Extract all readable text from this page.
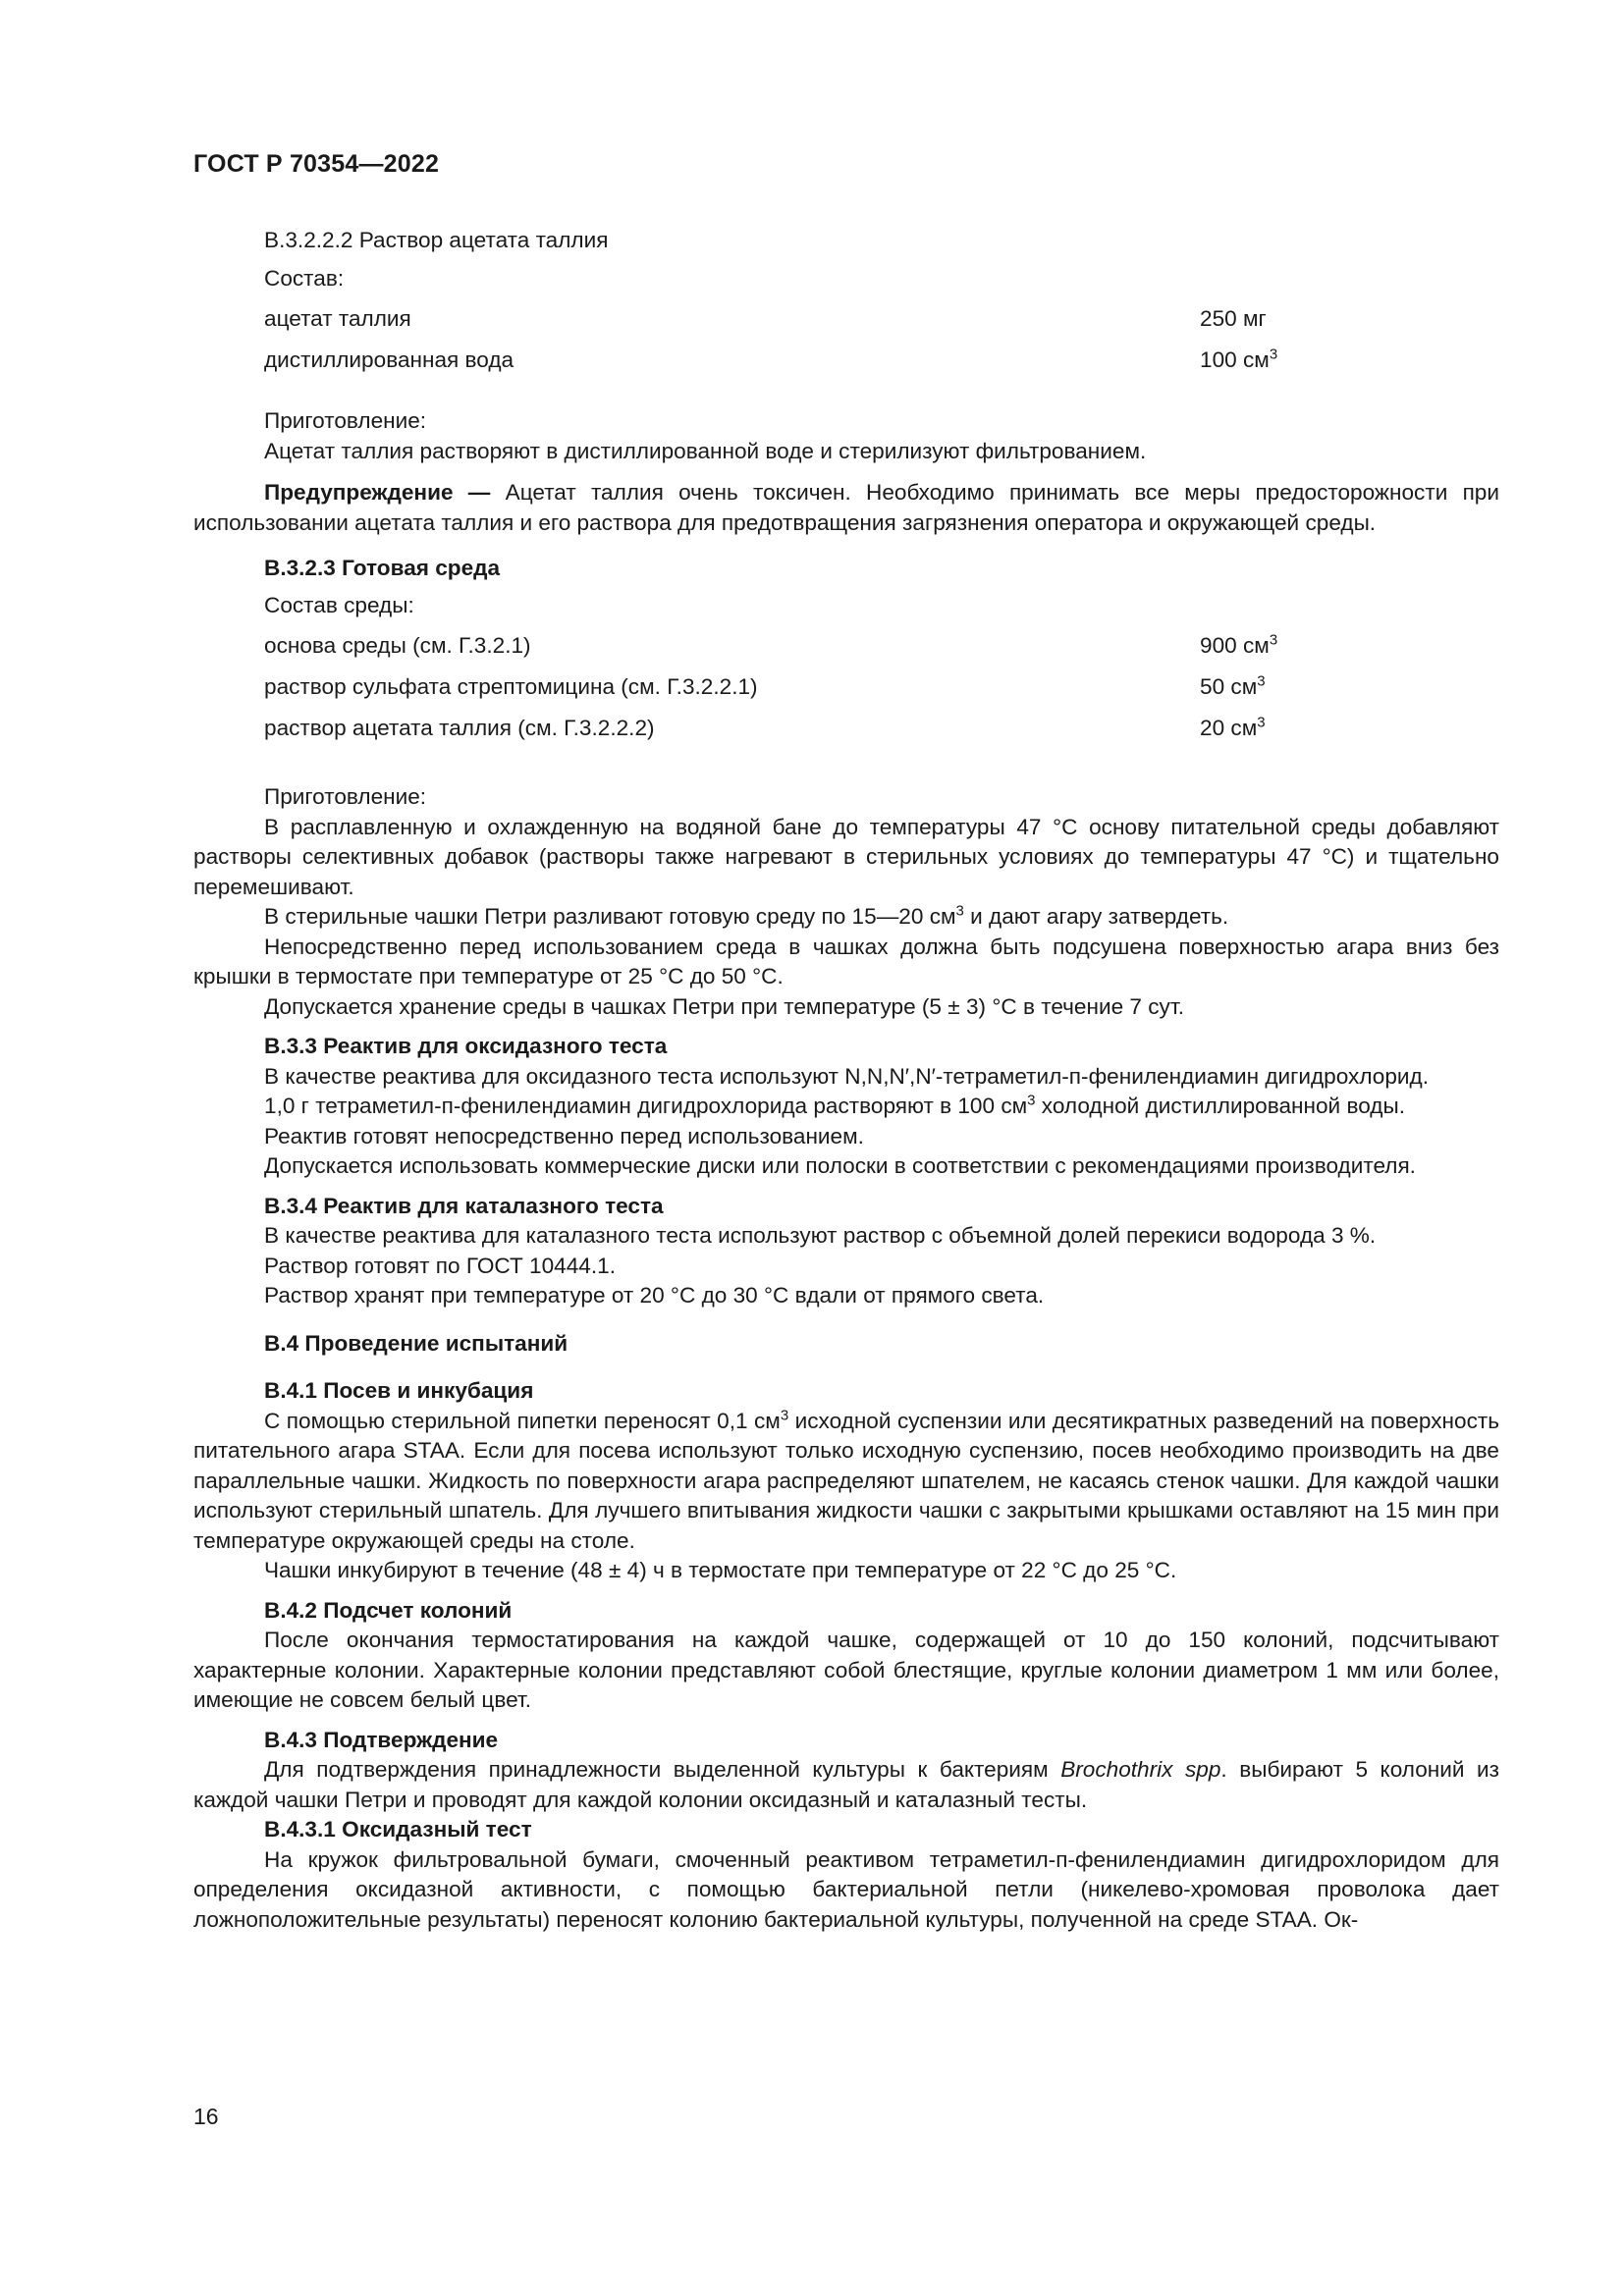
ГОСТ Р 70354—2022
В.3.2.2.2 Раствор ацетата таллия
Состав:
ацетат таллия	250 мг
дистиллированная вода	100 $см^3$
Приготовление:
Ацетат таллия растворяют в дистиллированной воде и стерилизуют фильтрованием.
Предупреждение — Ацетат таллия очень токсичен. Необходимо принимать все меры предосторожности при использовании ацетата таллия и его раствора для предотвращения загрязнения оператора и окружающей среды.
В.3.2.3 Готовая среда
Состав среды:
основа среды (см. Г.3.2.1)	900 $см^3$
раствор сульфата стрептомицина (см. Г.3.2.2.1)	50 $см^3$
раствор ацетата таллия (см. Г.3.2.2.2)	20 $см^3$
Приготовление:
В расплавленную и охлажденную на водяной бане до температуры 47 °С основу питательной среды добавляют растворы селективных добавок (растворы также нагревают в стерильных условиях до температуры 47 °С) и тщательно перемешивают.
В стерильные чашки Петри разливают готовую среду по 15—20 $см^3$ и дают агару затвердеть.
Непосредственно перед использованием среда в чашках должна быть подсушена поверхностью агара вниз без крышки в термостате при температуре от 25 °С до 50 °С.
Допускается хранение среды в чашках Петри при температуре (5 ± 3) °С в течение 7 сут.
В.3.3 Реактив для оксидазного теста
В качестве реактива для оксидазного теста используют N,N,N′,N′-тетраметил-п-фенилендиамин дигидрохлорид.
1,0 г тетраметил-п-фенилендиамин дигидрохлорида растворяют в 100 $см^3$ холодной дистиллированной воды.
Реактив готовят непосредственно перед использованием.
Допускается использовать коммерческие диски или полоски в соответствии с рекомендациями производителя.
В.3.4 Реактив для каталазного теста
В качестве реактива для каталазного теста используют раствор с объемной долей перекиси водорода 3 %.
Раствор готовят по ГОСТ 10444.1.
Раствор хранят при температуре от 20 °С до 30 °С вдали от прямого света.
В.4 Проведение испытаний
В.4.1 Посев и инкубация
С помощью стерильной пипетки переносят 0,1 $см^3$ исходной суспензии или десятикратных разведений на поверхность питательного агара STAA. Если для посева используют только исходную суспензию, посев необходимо производить на две параллельные чашки. Жидкость по поверхности агара распределяют шпателем, не касаясь стенок чашки. Для каждой чашки используют стерильный шпатель. Для лучшего впитывания жидкости чашки с закрытыми крышками оставляют на 15 мин при температуре окружающей среды на столе.
Чашки инкубируют в течение (48 ± 4) ч в термостате при температуре от 22 °С до 25 °С.
В.4.2 Подсчет колоний
После окончания термостатирования на каждой чашке, содержащей от 10 до 150 колоний, подсчитывают характерные колонии. Характерные колонии представляют собой блестящие, круглые колонии диаметром 1 мм или более, имеющие не совсем белый цвет.
В.4.3 Подтверждение
Для подтверждения принадлежности выделенной культуры к бактериям Brochothrix spp. выбирают 5 колоний из каждой чашки Петри и проводят для каждой колонии оксидазный и каталазный тесты.
В.4.3.1 Оксидазный тест
На кружок фильтровальной бумаги, смоченный реактивом тетраметил-п-фенилендиамин дигидрохлоридом для определения оксидазной активности, с помощью бактериальной петли (никелево-хромовая проволока дает ложноположительные результаты) переносят колонию бактериальной культуры, полученной на среде STAA. Ок-
16
